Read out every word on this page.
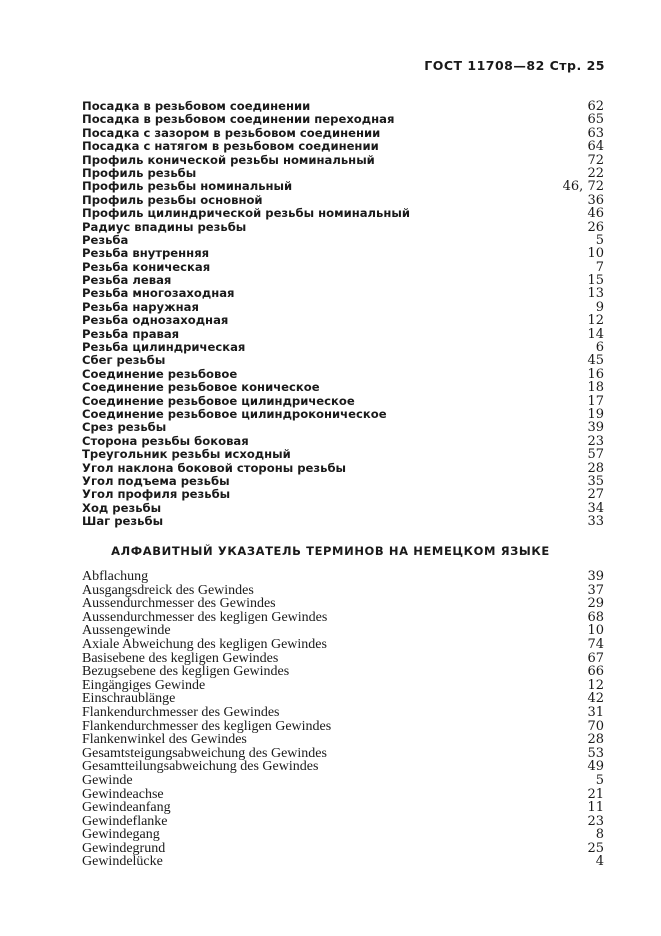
ГОСТ 11708—82 Стр. 25
Посадка в резьбовом соединении	62
Посадка в резьбовом соединении переходная	65
Посадка с зазором в резьбовом соединении	63
Посадка с натягом в резьбовом соединении	64
Профиль конической резьбы номинальный	72
Профиль резьбы	22
Профиль резьбы номинальный	46, 72
Профиль резьбы основной	36
Профиль цилиндрической резьбы номинальный	46
Радиус впадины резьбы	26
Резьба	5
Резьба внутренняя	10
Резьба коническая	7
Резьба левая	15
Резьба многозаходная	13
Резьба наружная	9
Резьба однозаходная	12
Резьба правая	14
Резьба цилиндрическая	6
Сбег резьбы	45
Соединение резьбовое	16
Соединение резьбовое коническое	18
Соединение резьбовое цилиндрическое	17
Соединение резьбовое цилиндроконическое	19
Срез резьбы	39
Сторона резьбы боковая	23
Треугольник резьбы исходный	57
Угол наклона боковой стороны резьбы	28
Угол подъема резьбы	35
Угол профиля резьбы	27
Ход резьбы	34
Шаг резьбы	33
АЛФАВИТНЫЙ УКАЗАТЕЛЬ ТЕРМИНОВ НА НЕМЕЦКОМ ЯЗЫКЕ
Abflachung	39
Ausgangsdreick des Gewindes	37
Aussendurchmesser des Gewindes	29
Aussendurchmesser des kegligen Gewindes	68
Aussengewinde	10
Axiale Abweichung des kegligen Gewindes	74
Basisebene des kegligen Gewindes	67
Bezugsebene des kegligen Gewindes	66
Eingängiges Gewinde	12
Einschraublänge	42
Flankendurchmesser des Gewindes	31
Flankendurchmesser des kegligen Gewindes	70
Flankenwinkel des Gewindes	28
Gesamtsteigungsabweichung des Gewindes	53
Gesamtteilungsabweichung des Gewindes	49
Gewinde	5
Gewindeachse	21
Gewindeanfang	11
Gewindeflanke	23
Gewindegang	8
Gewindegrund	25
Gewindelücke	4
